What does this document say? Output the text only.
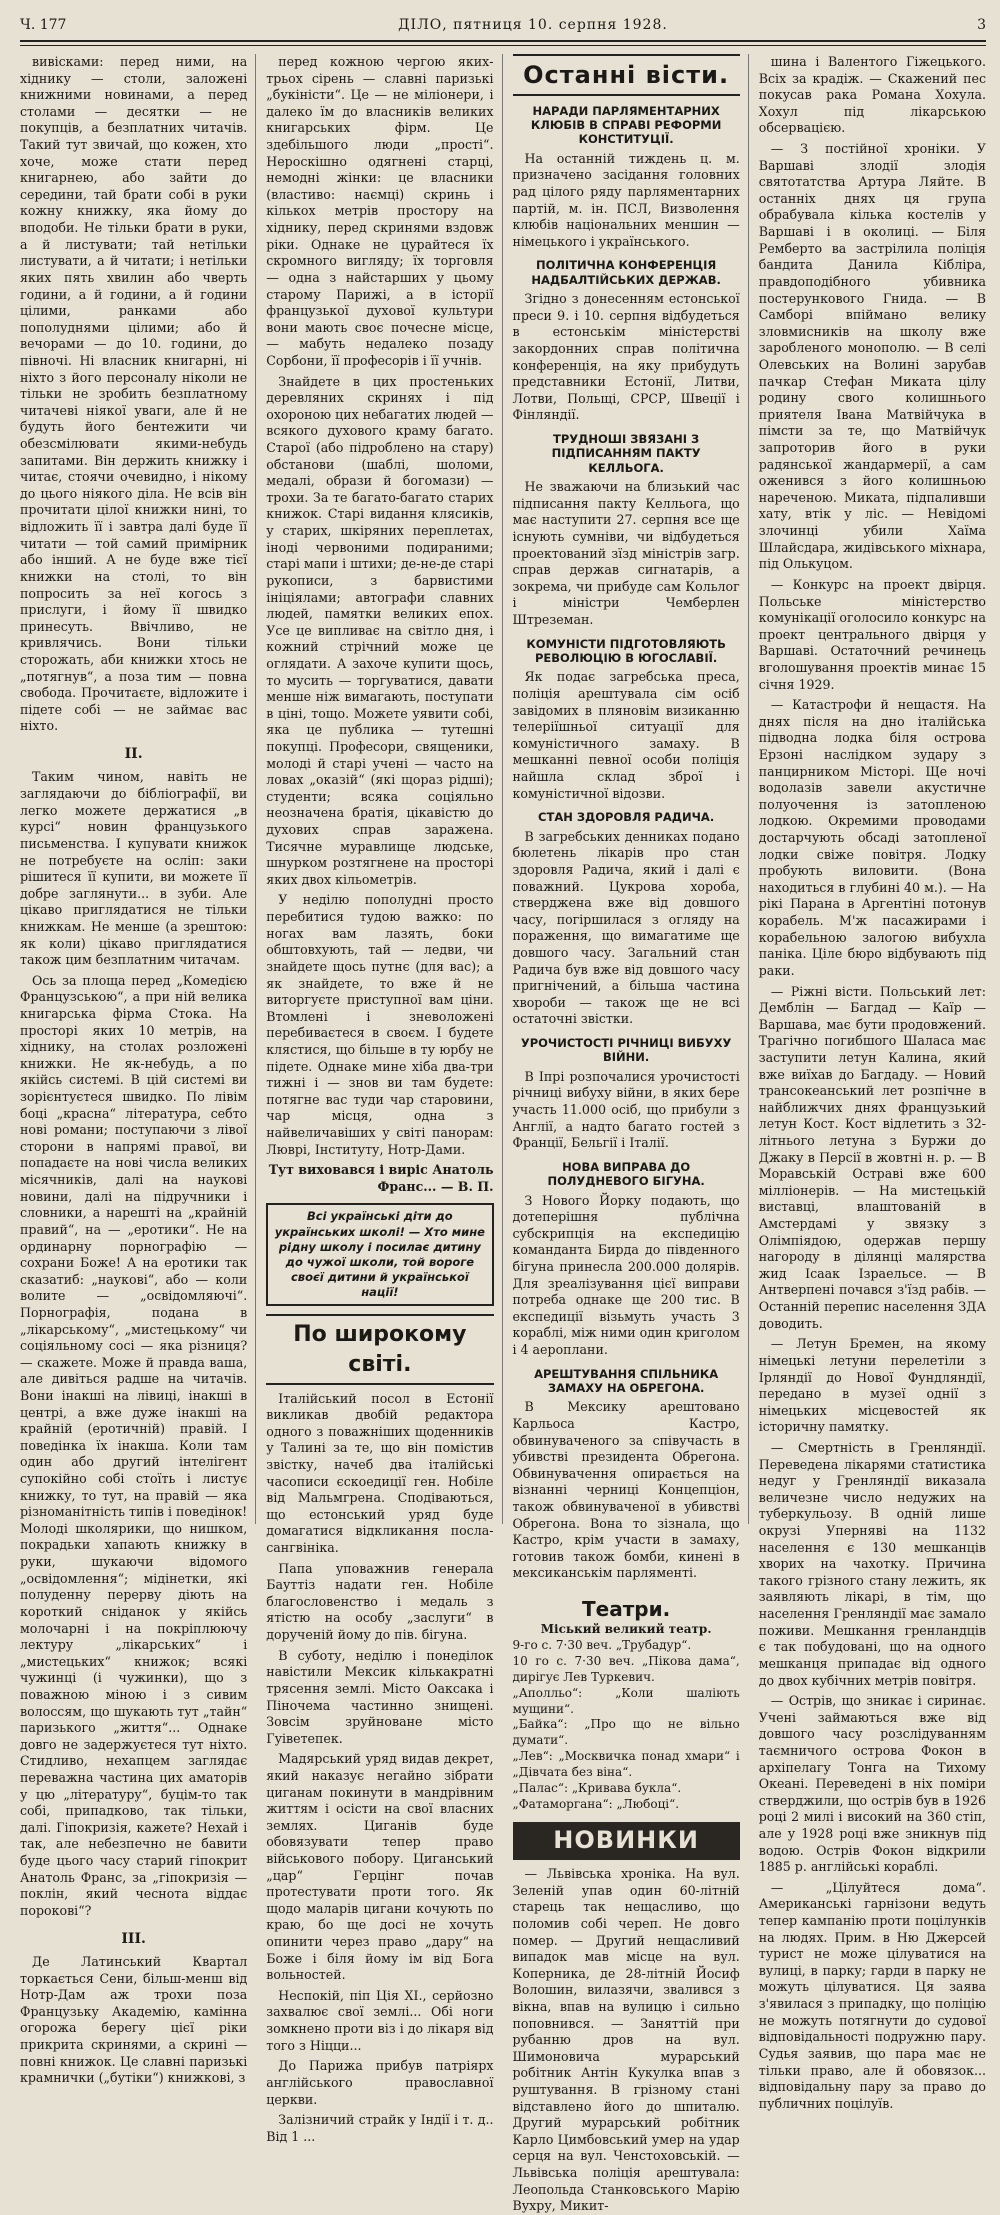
Ч. 177	ДІЛО, пятниця 10. серпня 1928.	3

вивісками: перед ними, на хіднику — столи, заложені книжними новинами, а перед столами — десятки — не покупців, а безплатних читачів. Такий тут звичай, що кожен, хто хоче, може стати перед книгарнею, або зайти до середини, тай брати собі в руки кожну книжку, яка йому до вподоби. Не тільки брати в руки, а й листувати; тай нетільки листувати, а й читати; і нетільки яких пять хвилин або чверть години, а й години, а й години цілими, ранками або пополуднями цілими; або й вечорами — до 10. години, до півночі. Ні власник книгарні, ні ніхто з його персоналу ніколи не тільки не зробить безплатному читачеві ніякої уваги, але й не будуть його бентежити чи обезсмілювати якими-небудь запитами. Він держить книжку і читає, стоячи очевидно, і нікому до цього ніякого діла. Не всів він прочитати цілої книжки нині, то відложить її і завтра далі буде її читати — той самий примірник або інший. А не буде вже тієї книжки на столі, то він попросить за неї когось з прислуги, і йому її швидко принесуть. Ввічливо, не кривлячись. Вони тільки сторожать, аби книжки хтось не „потягнув“, а поза тим — повна свобода. Прочитаєте, відложите і підете собі — не займає вас ніхто.

II.

Таким чином, навіть не заглядаючи до бібліографії, ви легко можете держатися „в курсі“ новин французького письменства. І купувати книжок не потребуєте на осліп: заки рішитеся її купити, ви можете її добре заглянути... в зуби. Але цікаво приглядатися не тільки книжкам. Не менше (а зрештою: як коли) цікаво приглядатися також цим безплатним читачам.

Ось за площа перед „Комедією Французською“, а при ній велика книгарська фірма Стока. На просторі яких 10 метрів, на хіднику, на столах розложені книжки. Не як-небудь, а по якійсь системі. В цій системі ви зорієнтуєтеся швидко. По лівім боці „красна“ література, себто нові романи; поступаючи з лівої сторони в напрямі правої, ви попадаєте на нові числа великих місячників, далі на наукові новини, далі на підручники і словники, а нарешті на „крайній правий“, на — „еротики“. Не на ординарну порнографію — сохрани Боже! А на еротики так сказатиб: „наукові“, або — коли волите — „освідомляючі“. Порнографія, подана в „лікарському“, „мистецькому“ чи соціяльному сосі — яка різниця? — скажете. Може й правда ваша, але дивіться радше на читачів. Вони інакші на лівиці, інакші в центрі, а вже дуже інакші на крайній (еротичній) правій. І поведінка їх інакша. Коли там один або другий інтелігент супокійно собі стоїть і листує книжку, то тут, на правій — яка різноманітність типів і поведінок! Молоді школярики, що нишком, покрадьки хапають книжку в руки, шукаючи відомого „освідомлення“; мідінетки, які полуденну перерву діють на короткий сніданок у якійсь молочарні і на покріплюючу лектуру „лікарських“ і „мистецьких“ книжок; всякі чужинці (і чужинки), що з поважною міною і з сивим волоссям, що шукають тут „тайн“ паризького „життя“... Однаке довго не задержуєтеся тут ніхто. Стидливо, нехапцем заглядає переважна частина цих аматорів у цю „літературу“, буцім-то так собі, припадково, так тільки, далі. Гіпокризія, кажете? Нехай і так, але небезпечно не бавити буде цього часу старий гіпокрит Анатоль Франс, за „гіпокризія — поклін, який чеснота віддає порокові“?

III.

Де Латинський Квартал торкається Сени, більш-менш від Нотр-Дам аж трохи поза Французьку Академію, камінна огорожа берегу цієї ріки прикрита скринями, а скрині — повні книжок. Це славні паризькі крамнички („бутіки“) книжкові, з

перед кожною чергою яких-трьох сірень — славні паризькі „букіністи“. Це — не міліонери, і далеко їм до власників великих книгарських фірм. Це здебільшого люди „прості“. Нероскішно одягнені старці, немодні жінки: це власники (властиво: наємці) скринь і кількох метрів простору на хіднику, перед скринями вздовж ріки. Однаке не цурайтеся їх скромного вигляду; їх торговля — одна з найстарших у цьому старому Парижі, а в історії французької духової культури вони мають своє почесне місце, — мабуть недалеко позаду Сорбони, її професорів і її учнів.

Знайдете в цих простеньких деревляних скринях і під охороною цих небагатих людей — всякого духового краму багато. Старої (або підроблено на стару) обстанови (шаблі, шоломи, медалі, образи й богомази) — трохи. За те багато-багато старих книжок. Старі видання клясиків, у старих, шкіряних переплетах, іноді червоними подираними; старі мапи і штихи; де-не-де старі рукописи, з барвистими ініціялами; автографи славних людей, памятки великих епох. Усе це випливає на світло дня, і кожний стрічний може це оглядати. А захоче купити щось, то мусить — торгуватися, давати менше ніж вимагають, поступати в ціні, тощо. Можете уявити собі, яка це публика — тутешні покупці. Професори, священики, молоді й старі учені — часто на ловах „оказій“ (які щораз рідші); студенти; всяка соціяльно неозначена братія, цікавістю до духових справ заражена. Тисячне муравлище людське, шнурком розтягнене на просторі яких двох кільометрів.

У неділю пополудні просто перебитися тудою важко: по ногах вам лазять, боки обштовхують, тай — ледви, чи знайдете щось путнє (для вас); а як знайдете, то вже й не виторгуєте приступної вам ціни. Втомлені і зневоложені перебиваєтеся в своєм. І будете клястися, що більше в ту юрбу не підете. Однаке мине хіба два-три тижні і — знов ви там будете: потягне вас туди чар старовини, чар місця, одна з найвеличавіших у світі панорам: Люврі, Інституту, Нотр-Дами.

Тут виховався і виріс Анатоль Франс... — В. П.
Всі українські діти до українських школі! — Хто мине рідну школу і посилає дитину до чужої школи, той вороге своєї дитини й української нації!
По широкому світі.

Італійський посол в Естонії викликав двобій редактора одного з поважніших щоденників у Талині за те, що він помістив звістку, начеб два італійські часописи єскоедиції ген. Нобіле від Мальмгрена. Сподіваються, що естонський уряд буде домагатися відкликання посла-сангвініка.

Папа уповажнив генерала Бауттіз надати ген. Нобіле благословенство і медаль з ятістю на особу „заслуги“ в дорученій йому до пів. бігуна.

В суботу, неділю і понеділок навістили Мексик кількакратні трясення землі. Місто Оаксака і Піночема частинно знищені. Зовсім зруйноване місто Гуіветепек.

Мадярський уряд видав декрет, який наказує негайно зібрати циганам покинути в мандрівним життям і осісти на свої власних землях. Циганів буде обовязувати тепер право військового побору. Циганський „цар“ Герцінг почав протестувати проти того. Як щодо маларів цигани кочують по краю, бо ще досі не хочуть опинити через право „дару“ на Боже і біля йому ім від Бога вольностей.

Неспокій, піп Ція XI., серйозно захвалює свої землі... Обі ноги зомкнено проти віз і до лікаря від того з Ніцци...

До Парижа прибув патріярх англійського православної церкви.

Залізничий страйк у Індії і т. д.. Від 1 ...

Останні вісти.
НАРАДИ ПАРЛЯМЕНТАРНИХ КЛЮБІВ В СПРАВІ РЕФОРМИ КОНСТИТУЦІЇ.

На останній тиждень ц. м. призначено засідання головних рад цілого ряду парляментарних партій, м. ін. ПСЛ, Визволення клюбів національних меншин — німецького і українського.

ПОЛІТИЧНА КОНФЕРЕНЦІЯ НАДБАЛТІЙСЬКИХ ДЕРЖАВ.

Згідно з донесенням естонської преси 9. і 10. серпня відбудеться в естонськім міністерстві закордонних справ політична конференція, на яку прибудуть представники Естонії, Литви, Лотви, Польщі, СРСР, Швеції і Фінляндії.

ТРУДНОШІ ЗВЯЗАНІ З ПІДПИСАННЯМ ПАКТУ КЕЛЛЬОГА.

Не зважаючи на близький час підписання пакту Келльога, що має наступити 27. серпня все ще існують сумніви, чи відбудеться проектований зїзд міністрів загр. справ держав сигнатарів, а зокрема, чи прибуде сам Кольлог і міністри Чемберлен Штреземан.

КОМУНІСТИ ПІДГОТОВЛЯЮТЬ РЕВОЛЮЦІЮ В ЮГОСЛАВІЇ.

Як подає загребська преса, поліція арештувала сім осіб завідомих в пляновім визиканню телеріїшньої ситуації для комуністичного замаху. В мешканні певної особи поліція найшла склад зброї і комуністичної відозви.

СТАН ЗДОРОВЛЯ РАДИЧА.

В загребських денниках подано бюлетень лікарів про стан здоровля Радича, який і далі є поважний. Цукрова хороба, стверджена вже від довшого часу, погіршилася з огляду на пораження, що вимагатиме ще довшого часу. Загальний стан Радича був вже від довшого часу пригнічений, а більша частина хвороби — також ще не всі остаточні звістки.

УРОЧИСТОСТІ РІЧНИЦІ ВИБУХУ ВІЙНИ.

В Іпрі розпочалися урочистості річниці вибуху війни, в яких бере участь 11.000 осіб, що прибули з Англії, а надто багато гостей з Франції, Бельгії і Італії.

НОВА ВИПРАВА ДО ПОЛУДНЕВОГО БІГУНА.

З Нового Йорку подають, що дотеперішня публічна субскрипція на експедицію команданта Бирда до південного бігуна принесла 200.000 долярів. Для зреалізування цієї виправи потреба однаке ще 200 тис. В експедиції візьмуть участь 3 кораблі, між ними один криголом і 4 аероплани.

АРЕШТУВАННЯ СПІЛЬНИКА ЗАМАХУ НА ОБРЕГОНА.

В Мексику арештовано Карльоса Кастро, обвинуваченого за співучасть в убивстві президента Обрегона. Обвинувачення опирається на візнанні черниці Концепціон, також обвинуваченої в убивстві Обрегона. Вона то зізнала, що Кастро, крім участи в замаху, готовив також бомби, кинені в мексиканськім парляменті.

Театри.
Міський великий театр.

9-го с. 7·30 веч. „Трубадур“.

10 го с. 7·30 веч. „Пікова дама“, дирігує Лев Туркевич.

„Аполльо“: „Коли шаліють мущини“.

„Байка“: „Про що не вільно думати“.

„Лев“: „Москвичка понад хмари“ і „Дівчата без віна“.

„Палас“: „Кривава букла“.

„Фатаморгана“: „Любоці“.

НОВИНКИ

— Львівська хроніка. На вул. Зеленій упав один 60-літній старець так нещасливо, що поломив собі череп. Не довго помер. — Другий нещасливий випадок мав місце на вул. Коперника, де 28-літній Йосиф Волошин, вилазячи, звалився з вікна, впав на вулицю і сильно поповнився. — Заняттій при рубанню дров на вул. Шимоновича мурарський робітник Антін Кукулка впав з руштування. В грізному стані відставлено його до шпиталю. Другий мурарський робітник Карло Цимбовський умер на удар серця на вул. Ченстоховській. — Львівська поліція арештувала: Леопольда Станковського Марію Вухру, Микит-

шина і Валентого Гіжецького. Всіх за крадіж. — Скажений пес покусав рака Романа Хохула. Хохул під лікарською обсервацією.

— З постійної хроніки. У Варшаві злодії злодія святотатства Артура Ляйте. В останніх днях ця група обрабувала кілька костелів у Варшаві і в околиці. — Біля Ремберто ва застрілила поліція бандита Данила Кібліра, правдоподібного убивника постерункового Гнида. — В Самборі впіймано велику зловмисників на школу вже заробленого монополю. — В селі Олевських на Волині зарубав пачкар Стефан Миката цілу родину свого колишнього приятеля Івана Матвійчука в пімсти за те, що Матвійчук запроторив його в руки радянської жандармерії, а сам оженився з його колишньою нареченою. Миката, підпаливши хату, втік у ліс. — Невідомі злочинці убили Хаїма Шлайсдара, жидівського міхнара, під Олькуцом.

— Конкурс на проект двірця. Польське міністерство комунікації оголосило конкурс на проект центрального двірця у Варшаві. Остаточний речинець вголошування проектів минає 15 січня 1929.

— Катастрофи й нещастя. На днях після на дно італійська підводна лодка біля острова Ерзоні наслідком зудару з панцирником Місторі. Ще ночі водолазів завели акустичне полуочення із затопленою лодкою. Окремими проводами достарчують обсаді затопленої лодки свіже повітря. Лодку пробують виловити. (Вона находиться в глубині 40 м.). — На рікі Парана в Аргентіні потонув корабель. М'ж пасажирами і корабельною залогою вибухла паніка. Ціле бюро відбувають під раки.

— Ріжні вісти. Польський лет: Демблін — Багдад — Каїр — Варшава, має бути продовжений. Трагічно погибшого Шаласа має заступити летун Калина, який вже виїхав до Багдаду. — Новий трансокеанський лет розпічне в найближчих днях французький летун Кост. Кост відлетить з 32-літнього летуна з Буржи до Джаку в Персії в жовтні н. р. — В Моравській Остраві вже 600 мілліонерів. — На мистецькій виставці, влаштованій в Амстердамі у звязку з Олімпіядою, одержав першу нагороду в ділянці малярства жид Ісаак Ізраельсе. — В Антверпені почався з'їзд рабів. — Останній перепис населення ЗДА доводить.

— Летун Бремен, на якому німецькі летуни перелетіли з Ірляндії до Нової Фундляндії, передано в музеї однії з німецьких місцевостей як історичну памятку.

— Смертність в Гренляндії. Переведена лікарями статистика недуг у Гренляндії виказала величезне число недужих на туберкульозу. В одній лише окрузі Уперняві на 1132 населення є 130 мешканців хворих на чахотку. Причина такого грізного стану лежить, як заявляють лікарі, в тім, що населення Гренляндії має замало поживи. Мешкання гренландців є так побудовані, що на одного мешканця припадає від одного до двох кубічних метрів повітря.

— Острів, що зникає і сиринає. Учені займаються вже від довшого часу розслідуванням таємничого острова Фокон в архіпелагу Тонга на Тихому Океані. Переведені в ніх поміри стверджили, що острів був в 1926 році 2 милі і високий на 360 стіп, але у 1928 році вже зникнув під водою. Острів Фокон відкрили 1885 р. англійські кораблі.

— „Цілуйтеся дома“. Американські гарнізони ведуть тепер кампанію проти поцілунків на людях. Прим. в Ню Джерсей турист не може цілуватися на вулиці, в парку; гарди в парку не можуть цілуватися. Ця заява з'явилася з припадку, що поліцію не можуть потягнути до судової відповідальності подружню пару. Судья заявив, що пара має не тільки право, але й обовязок... відповідальну пару за право до публичних поцілуїв.
